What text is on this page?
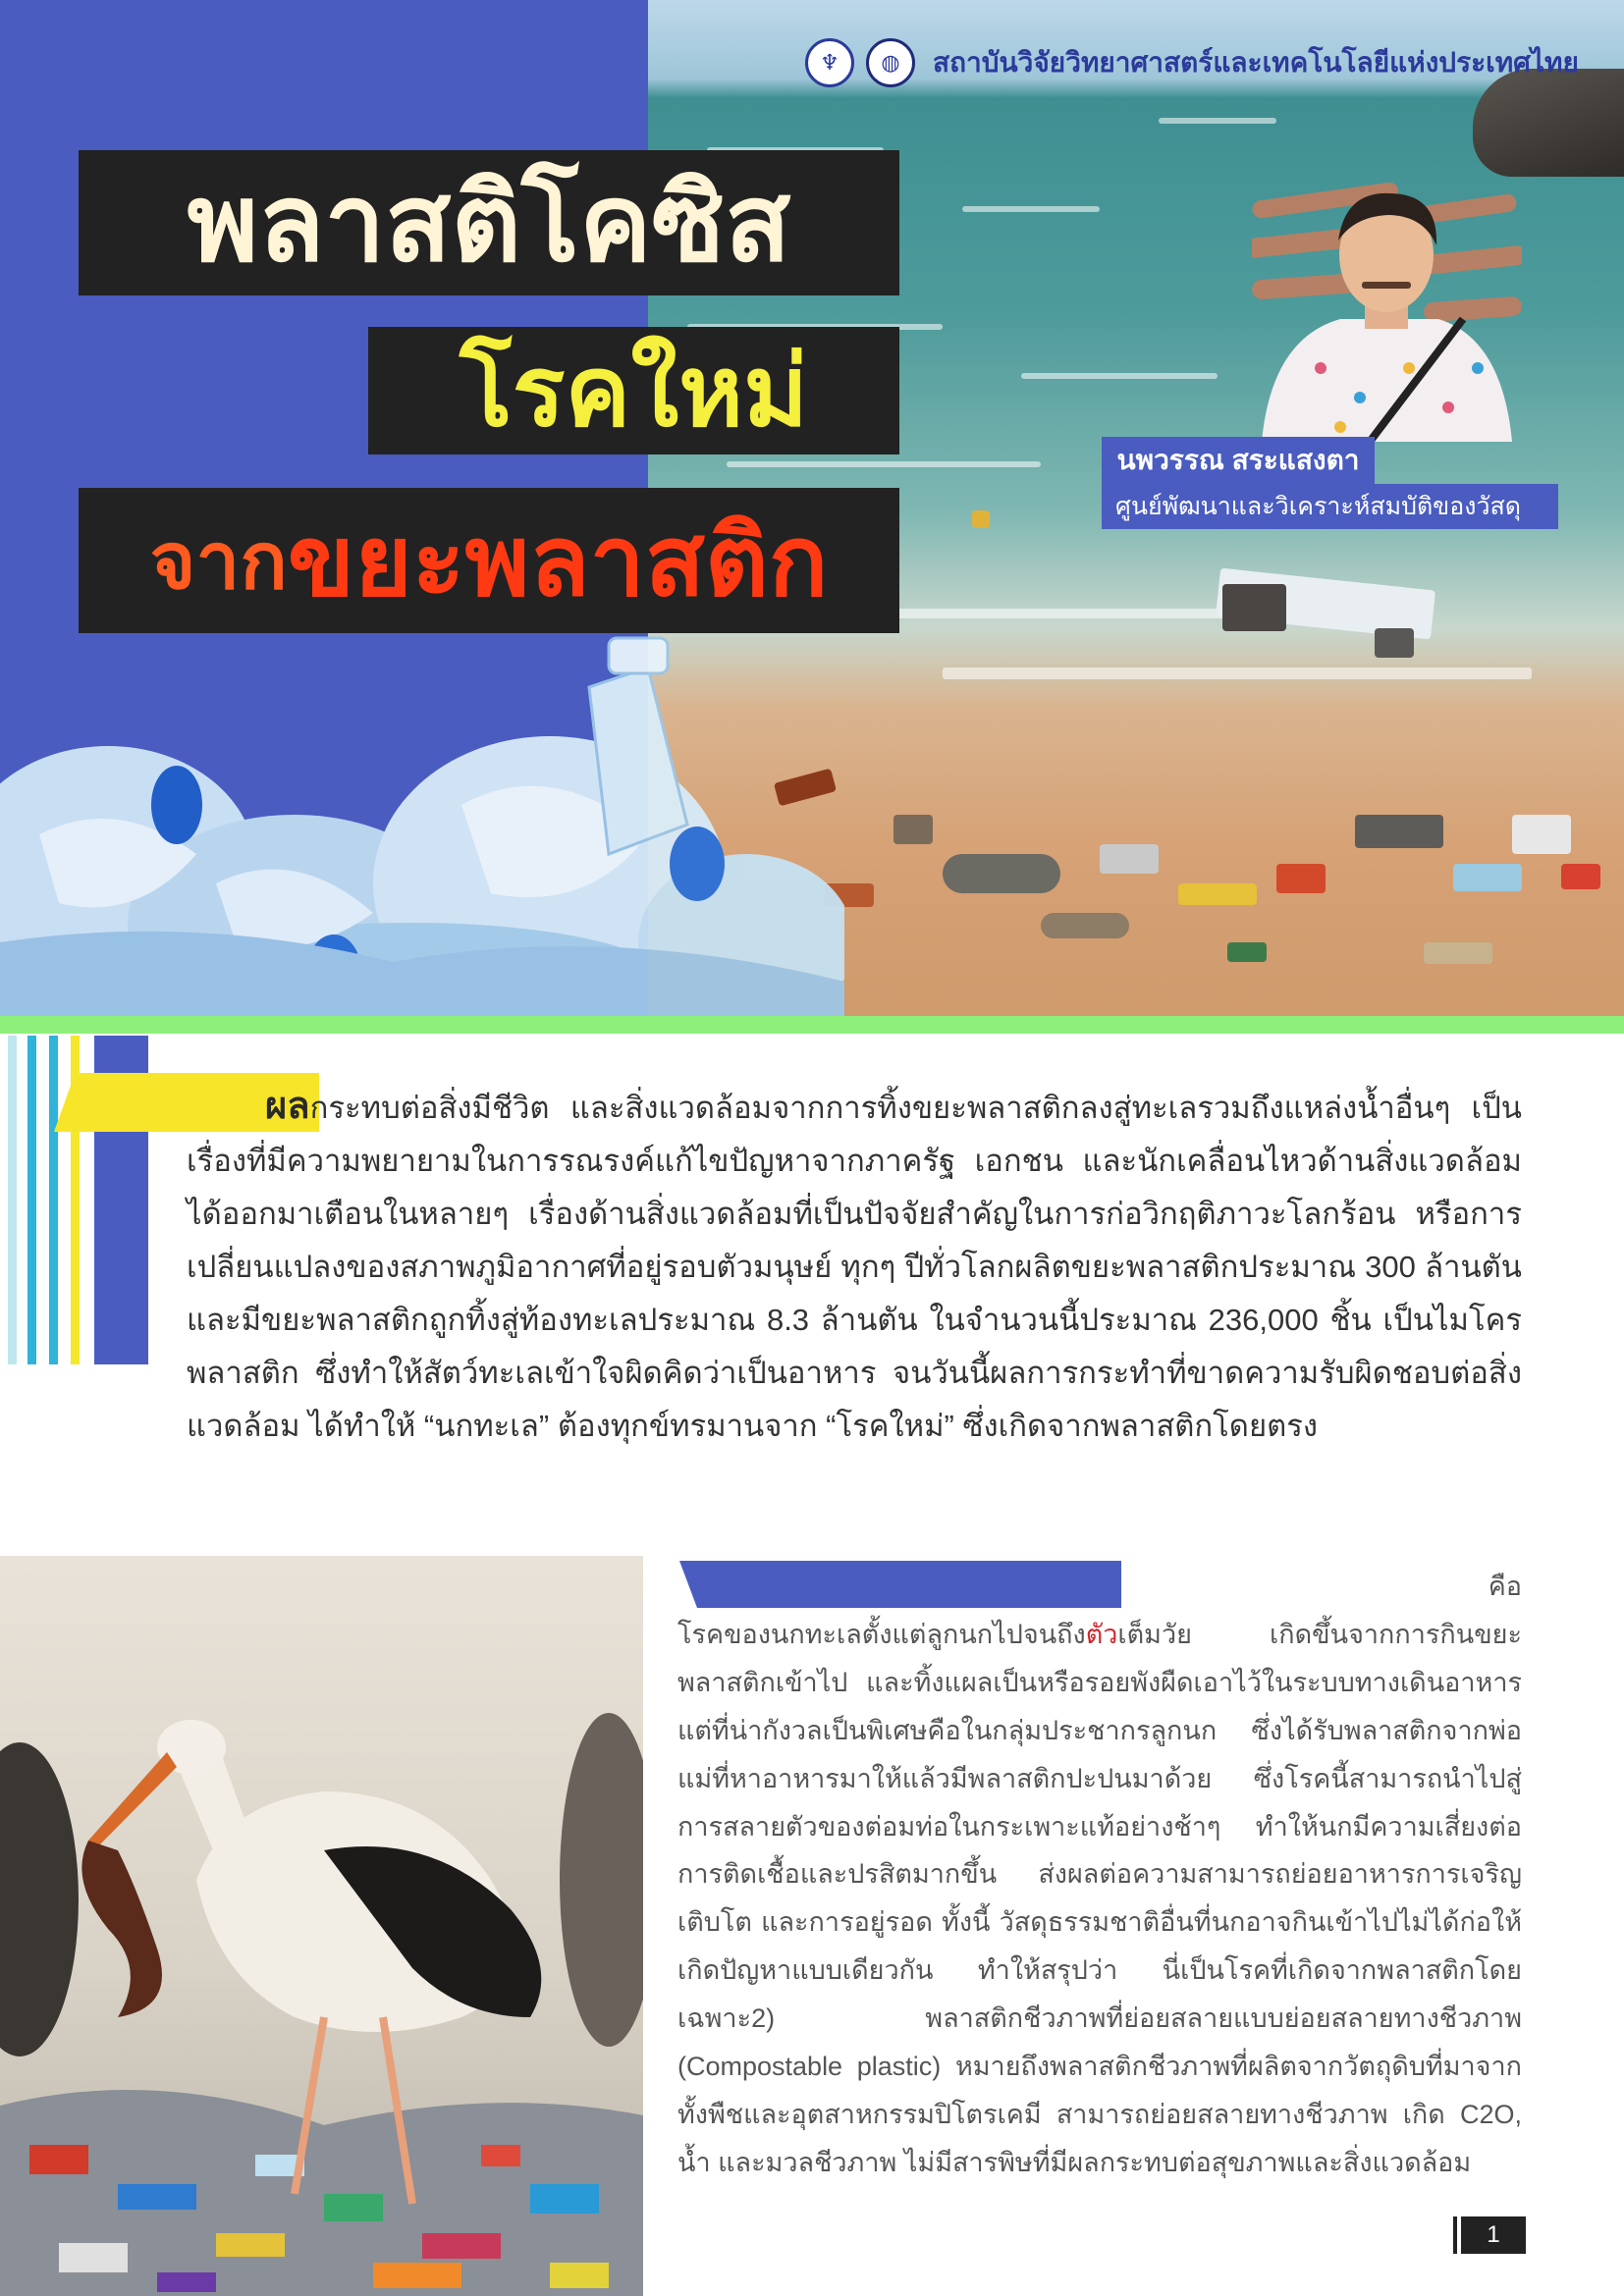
♆	◍	สถาบันวิจัยวิทยาศาสตร์และเทคโนโลยีแห่งประเทศไทย
พลาสติโคซิส
โรคใหม่
จาก ขยะพลาสติก
นพวรรณ สระแสงตา
ศูนย์พัฒนาและวิเคราะห์สมบัติของวัสดุ
ผลกระทบต่อสิ่งมีชีวิต และสิ่งแวดล้อมจากการทิ้งขยะพลาสติกลงสู่ทะเลรวมถึงแหล่งน้ำอื่นๆ เป็นเรื่องที่มีความพยายามในการรณรงค์แก้ไขปัญหาจากภาครัฐ เอกชน และนักเคลื่อนไหวด้านสิ่งแวดล้อมได้ออกมาเตือนในหลายๆ เรื่องด้านสิ่งแวดล้อมที่เป็นปัจจัยสำคัญในการก่อวิกฤติภาวะโลกร้อน หรือการเปลี่ยนแปลงของสภาพภูมิอากาศที่อยู่รอบตัวมนุษย์ ทุกๆ ปีทั่วโลกผลิตขยะพลาสติกประมาณ 300 ล้านตัน และมีขยะพลาสติกถูกทิ้งสู่ท้องทะเลประมาณ 8.3 ล้านตัน ในจำนวนนี้ประมาณ 236,000 ชิ้น เป็นไมโครพลาสติก ซึ่งทำให้สัตว์ทะเลเข้าใจผิดคิดว่าเป็นอาหาร จนวันนี้ผลการกระทำที่ขาดความรับผิดชอบต่อสิ่งแวดล้อม ได้ทำให้ “นกทะเล” ต้องทุกข์ทรมานจาก “โรคใหม่” ซึ่งเกิดจากพลาสติกโดยตรง
พลาสติโคซิส (Plasticosis) คือ โรคของนกทะเลตั้งแต่ลูกนกไปจนถึงตัวเต็มวัย เกิดขึ้นจากการกินขยะพลาสติกเข้าไป และทิ้งแผลเป็นหรือรอยพังผืดเอาไว้ในระบบทางเดินอาหาร แต่ที่น่ากังวลเป็นพิเศษคือในกลุ่มประชากรลูกนก ซึ่งได้รับพลาสติกจากพ่อแม่ที่หาอาหารมาให้แล้วมีพลาสติกปะปนมาด้วย ซึ่งโรคนี้สามารถนำไปสู่การสลายตัวของต่อมท่อในกระเพาะแท้อย่างช้าๆ ทำให้นกมีความเสี่ยงต่อการติดเชื้อและปรสิตมากขึ้น ส่งผลต่อความสามารถย่อยอาหารการเจริญเติบโต และการอยู่รอด ทั้งนี้ วัสดุธรรมชาติอื่นที่นกอาจกินเข้าไปไม่ได้ก่อให้เกิดปัญหาแบบเดียวกัน ทำให้สรุปว่า นี่เป็นโรคที่เกิดจากพลาสติกโดยเฉพาะ2) พลาสติกชีวภาพที่ย่อยสลายแบบย่อยสลายทางชีวภาพ (Compostable plastic) หมายถึงพลาสติกชีวภาพที่ผลิตจากวัตถุดิบที่มาจากทั้งพืชและอุตสาหกรรมปิโตรเคมี สามารถย่อยสลายทางชีวภาพ เกิด C2O, น้ำ และมวลชีวภาพ ไม่มีสารพิษที่มีผลกระทบต่อสุขภาพและสิ่งแวดล้อม
1
